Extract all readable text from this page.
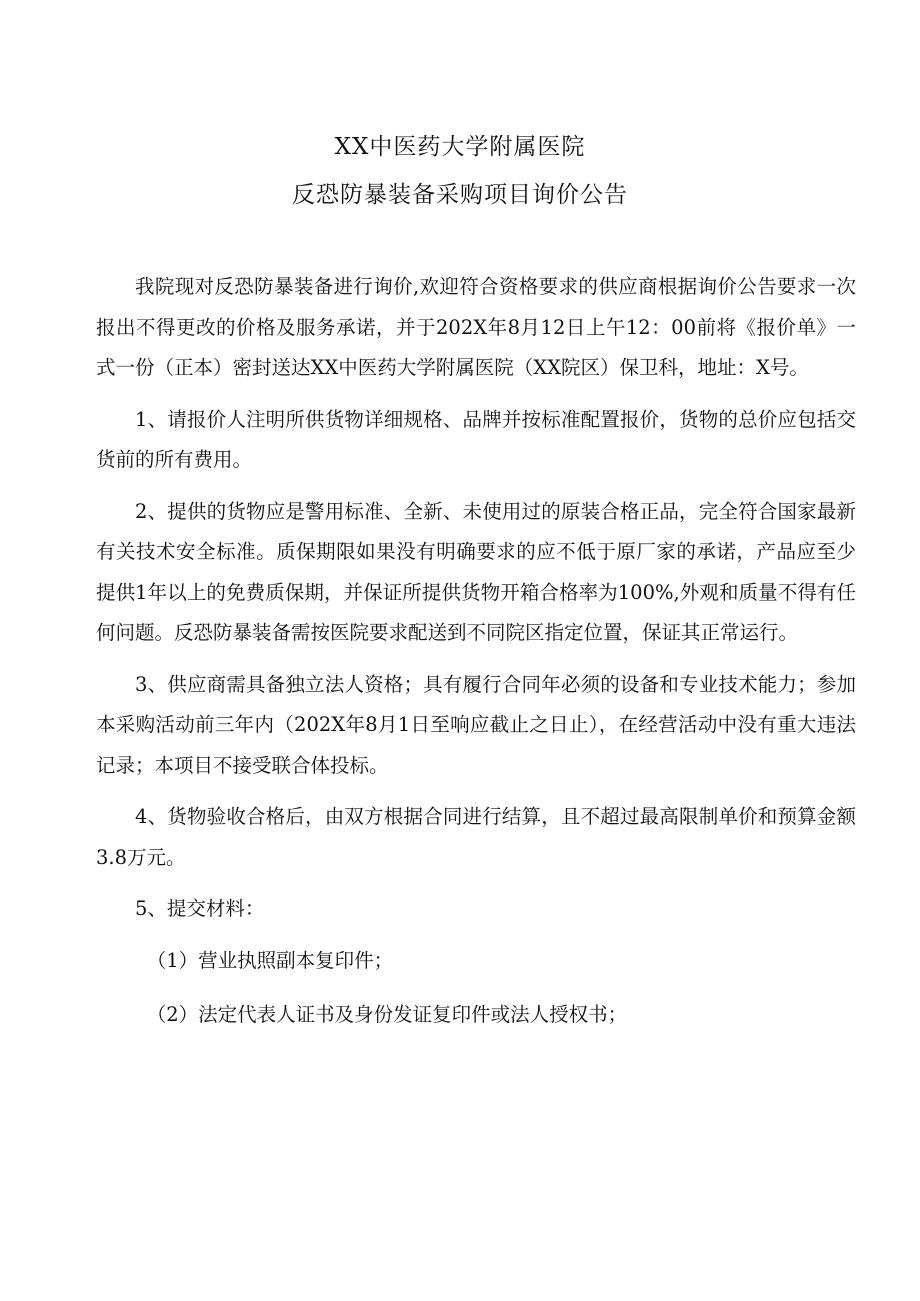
XX中医药大学附属医院
反恐防暴装备采购项目询价公告

我院现对反恐防暴装备进行询价,欢迎符合资格要求的供应商根据询价公告要求一次报出不得更改的价格及服务承诺，并于202X年8月12日上午12：00前将《报价单》一式一份（正本）密封送达XX中医药大学附属医院（XX院区）保卫科，地址：X号。

1、请报价人注明所供货物详细规格、品牌并按标准配置报价，货物的总价应包括交货前的所有费用。

2、提供的货物应是警用标准、全新、未使用过的原装合格正品，完全符合国家最新有关技术安全标准。质保期限如果没有明确要求的应不低于原厂家的承诺，产品应至少提供1年以上的免费质保期，并保证所提供货物开箱合格率为100%,外观和质量不得有任何问题。反恐防暴装备需按医院要求配送到不同院区指定位置，保证其正常运行。

3、供应商需具备独立法人资格；具有履行合同年必须的设备和专业技术能力；参加本采购活动前三年内（202X年8月1日至响应截止之日止），在经营活动中没有重大违法记录；本项目不接受联合体投标。

4、货物验收合格后，由双方根据合同进行结算，且不超过最高限制单价和预算金额3.8万元。

5、提交材料：

（1）营业执照副本复印件；

（2）法定代表人证书及身份发证复印件或法人授权书；
